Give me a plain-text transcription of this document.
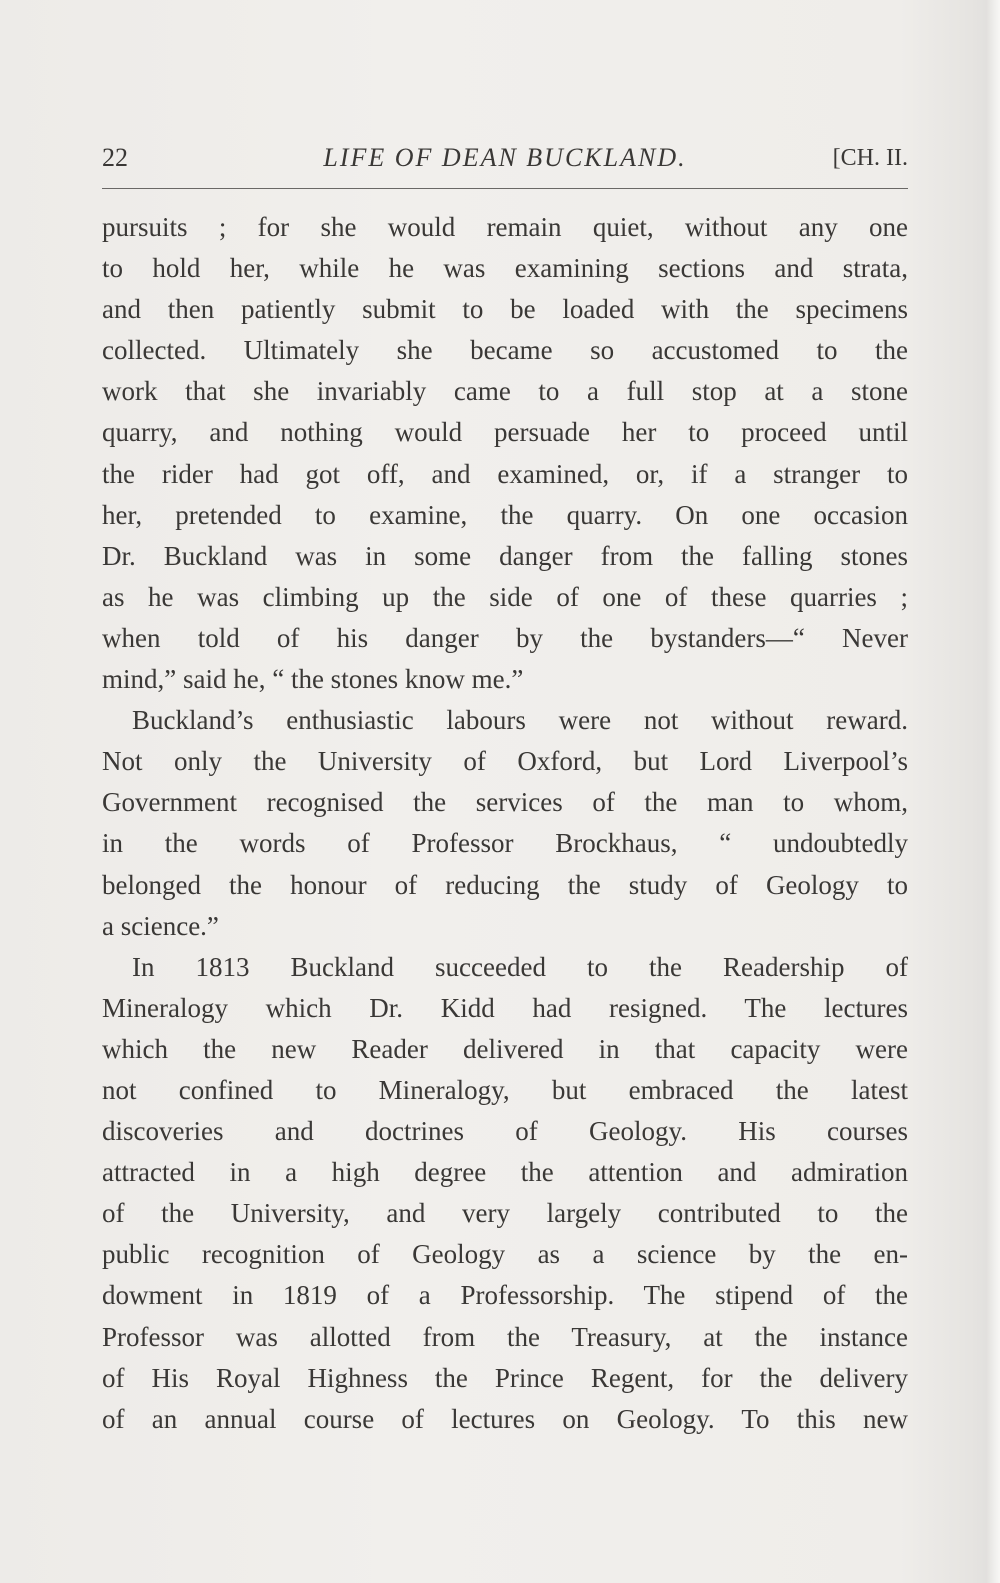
22	LIFE OF DEAN BUCKLAND.	[CH. II.
pursuits ; for she would remain quiet, without any one
to hold her, while he was examining sections and strata,
and then patiently submit to be loaded with the specimens
collected. Ultimately she became so accustomed to the
work that she invariably came to a full stop at a stone
quarry, and nothing would persuade her to proceed until
the rider had got off, and examined, or, if a stranger to
her, pretended to examine, the quarry. On one occasion
Dr. Buckland was in some danger from the falling stones
as he was climbing up the side of one of these quarries ;
when told of his danger by the bystanders—“ Never
mind,” said he, “ the stones know me.”
Buckland’s enthusiastic labours were not without reward.
Not only the University of Oxford, but Lord Liverpool’s
Government recognised the services of the man to whom,
in the words of Professor Brockhaus, “ undoubtedly
belonged the honour of reducing the study of Geology to
a science.”
In 1813 Buckland succeeded to the Readership of
Mineralogy which Dr. Kidd had resigned. The lectures
which the new Reader delivered in that capacity were
not confined to Mineralogy, but embraced the latest
discoveries and doctrines of Geology. His courses
attracted in a high degree the attention and admiration
of the University, and very largely contributed to the
public recognition of Geology as a science by the en-
dowment in 1819 of a Professorship. The stipend of the
Professor was allotted from the Treasury, at the instance
of His Royal Highness the Prince Regent, for the delivery
of an annual course of lectures on Geology. To this new
